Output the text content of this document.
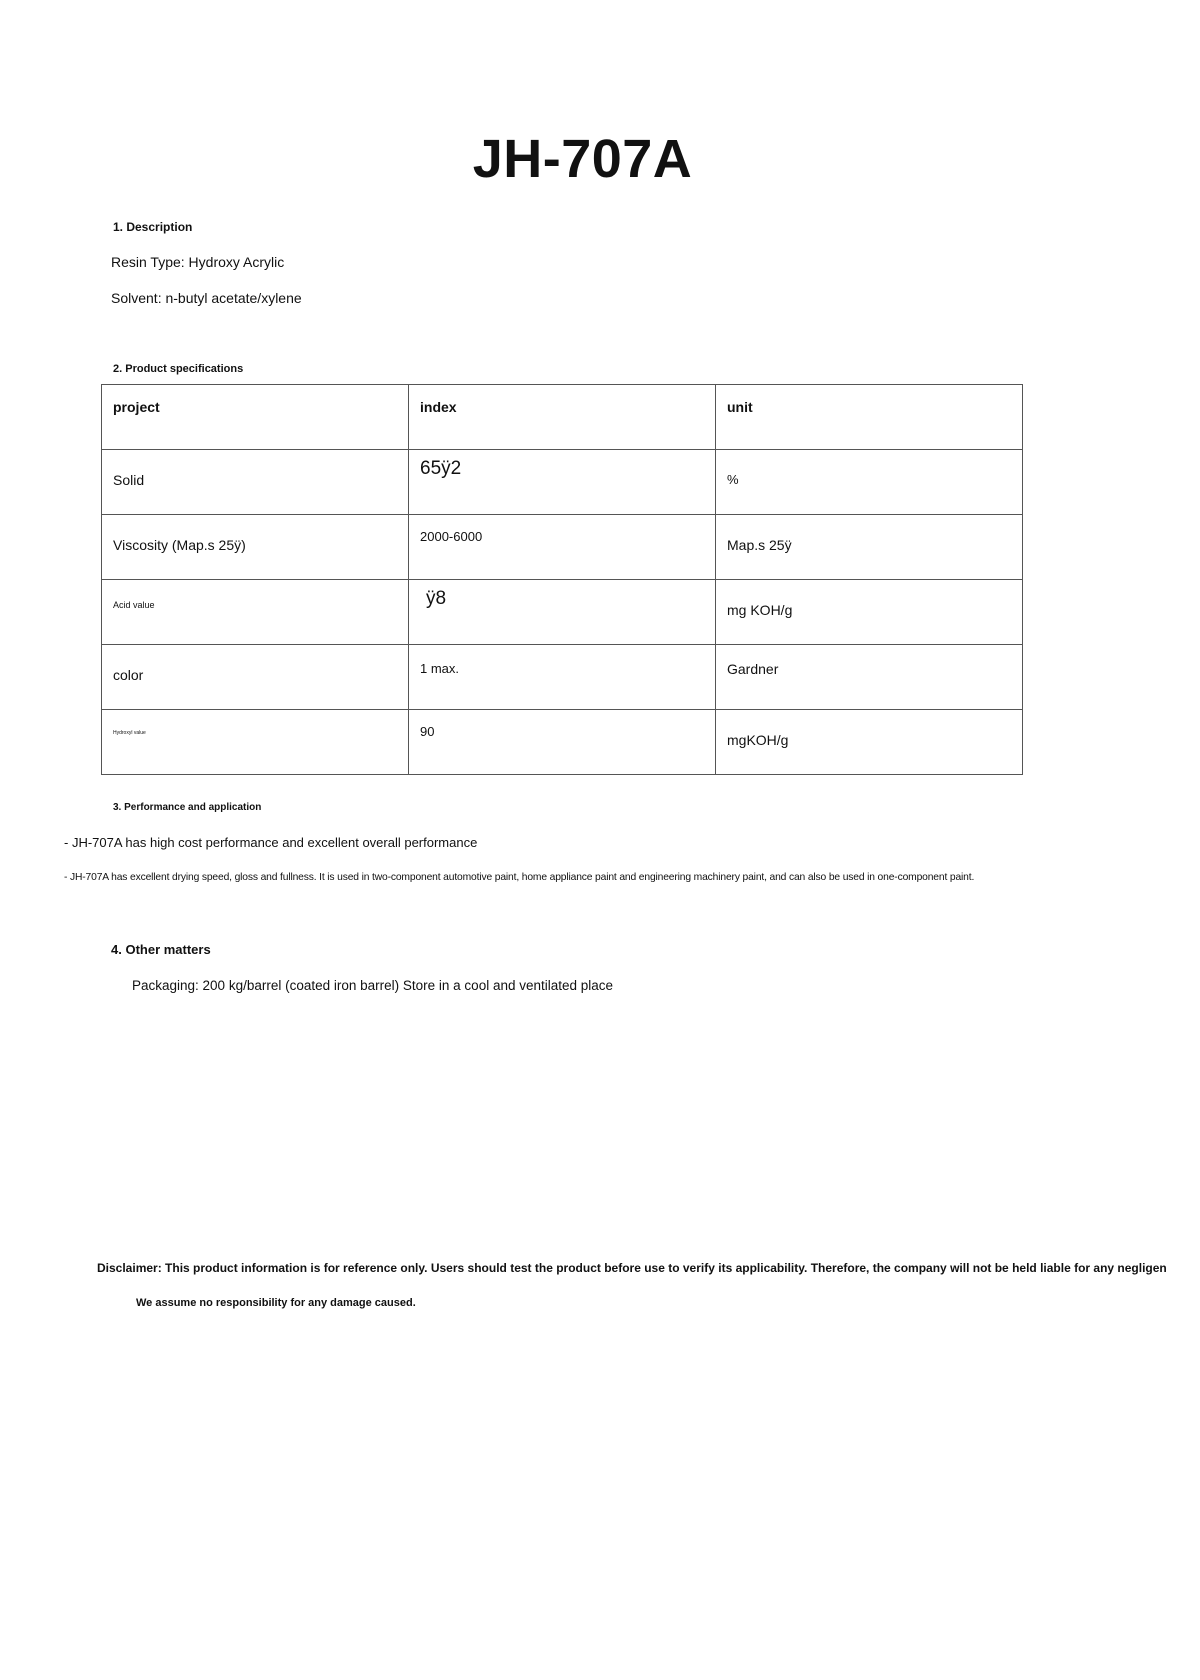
JH-707A
1. Description
Resin Type: Hydroxy Acrylic
Solvent: n-butyl acetate/xylene
2. Product specifications
project	index	unit
Solid	65ÿ2	%
Viscosity (Map.s 25ÿ)	2000-6000	Map.s 25ÿ
Acid value	ÿ8	mg KOH/g
color	1 max.	Gardner
Hydroxyl value	90	mgKOH/g
3. Performance and application
- JH-707A has high cost performance and excellent overall performance
- JH-707A has excellent drying speed, gloss and fullness. It is used in two-component automotive paint, home appliance paint and engineering machinery paint, and can also be used in one-component paint.
4. Other matters
Packaging: 200 kg/barrel (coated iron barrel) Store in a cool and ventilated place
Disclaimer: This product information is for reference only. Users should test the product before use to verify its applicability. Therefore, the company will not be held liable for any negligen
We assume no responsibility for any damage caused.
